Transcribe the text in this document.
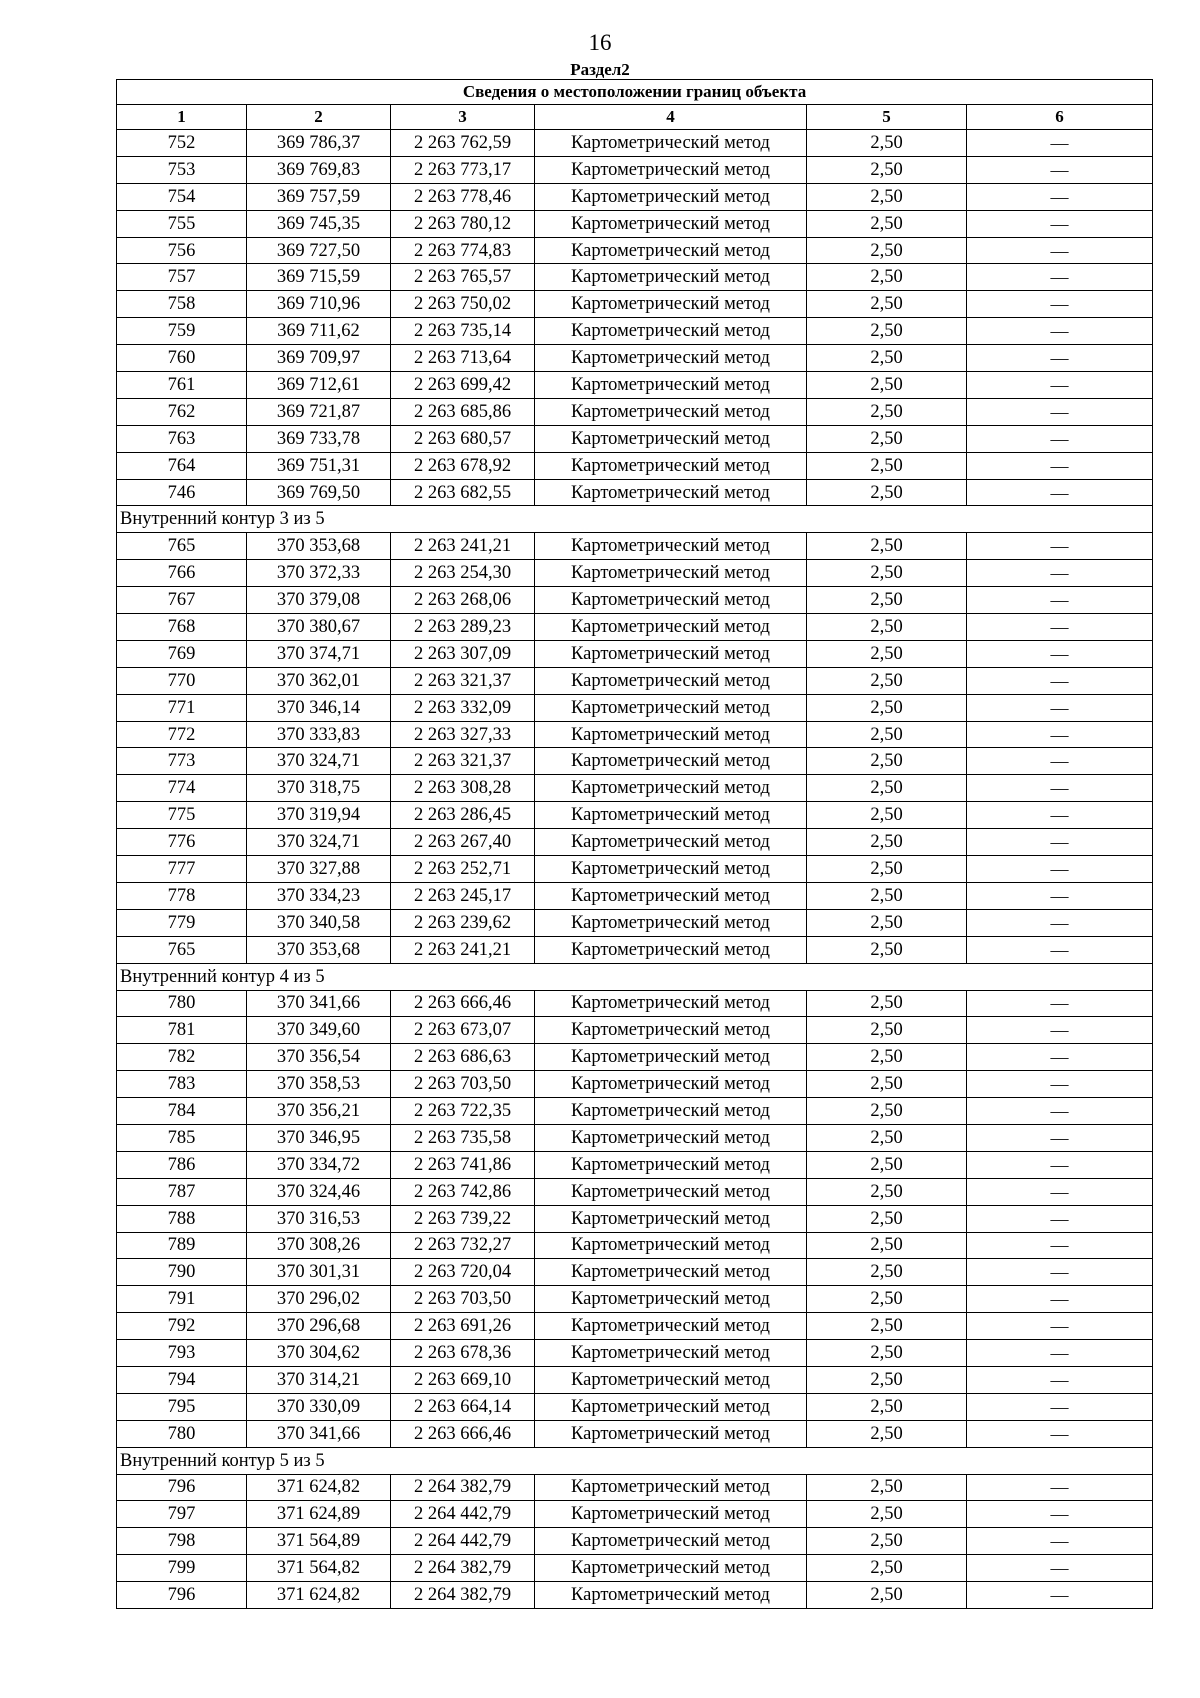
16
Раздел2
Сведения о местоположении границ объекта					
1	2	3	4	5	6
752	369 786,37	2 263 762,59	Картометрический метод	2,50	—
753	369 769,83	2 263 773,17	Картометрический метод	2,50	—
754	369 757,59	2 263 778,46	Картометрический метод	2,50	—
755	369 745,35	2 263 780,12	Картометрический метод	2,50	—
756	369 727,50	2 263 774,83	Картометрический метод	2,50	—
757	369 715,59	2 263 765,57	Картометрический метод	2,50	—
758	369 710,96	2 263 750,02	Картометрический метод	2,50	—
759	369 711,62	2 263 735,14	Картометрический метод	2,50	—
760	369 709,97	2 263 713,64	Картометрический метод	2,50	—
761	369 712,61	2 263 699,42	Картометрический метод	2,50	—
762	369 721,87	2 263 685,86	Картометрический метод	2,50	—
763	369 733,78	2 263 680,57	Картометрический метод	2,50	—
764	369 751,31	2 263 678,92	Картометрический метод	2,50	—
746	369 769,50	2 263 682,55	Картометрический метод	2,50	—
Внутренний контур 3 из 5					
765	370 353,68	2 263 241,21	Картометрический метод	2,50	—
766	370 372,33	2 263 254,30	Картометрический метод	2,50	—
767	370 379,08	2 263 268,06	Картометрический метод	2,50	—
768	370 380,67	2 263 289,23	Картометрический метод	2,50	—
769	370 374,71	2 263 307,09	Картометрический метод	2,50	—
770	370 362,01	2 263 321,37	Картометрический метод	2,50	—
771	370 346,14	2 263 332,09	Картометрический метод	2,50	—
772	370 333,83	2 263 327,33	Картометрический метод	2,50	—
773	370 324,71	2 263 321,37	Картометрический метод	2,50	—
774	370 318,75	2 263 308,28	Картометрический метод	2,50	—
775	370 319,94	2 263 286,45	Картометрический метод	2,50	—
776	370 324,71	2 263 267,40	Картометрический метод	2,50	—
777	370 327,88	2 263 252,71	Картометрический метод	2,50	—
778	370 334,23	2 263 245,17	Картометрический метод	2,50	—
779	370 340,58	2 263 239,62	Картометрический метод	2,50	—
765	370 353,68	2 263 241,21	Картометрический метод	2,50	—
Внутренний контур 4 из 5					
780	370 341,66	2 263 666,46	Картометрический метод	2,50	—
781	370 349,60	2 263 673,07	Картометрический метод	2,50	—
782	370 356,54	2 263 686,63	Картометрический метод	2,50	—
783	370 358,53	2 263 703,50	Картометрический метод	2,50	—
784	370 356,21	2 263 722,35	Картометрический метод	2,50	—
785	370 346,95	2 263 735,58	Картометрический метод	2,50	—
786	370 334,72	2 263 741,86	Картометрический метод	2,50	—
787	370 324,46	2 263 742,86	Картометрический метод	2,50	—
788	370 316,53	2 263 739,22	Картометрический метод	2,50	—
789	370 308,26	2 263 732,27	Картометрический метод	2,50	—
790	370 301,31	2 263 720,04	Картометрический метод	2,50	—
791	370 296,02	2 263 703,50	Картометрический метод	2,50	—
792	370 296,68	2 263 691,26	Картометрический метод	2,50	—
793	370 304,62	2 263 678,36	Картометрический метод	2,50	—
794	370 314,21	2 263 669,10	Картометрический метод	2,50	—
795	370 330,09	2 263 664,14	Картометрический метод	2,50	—
780	370 341,66	2 263 666,46	Картометрический метод	2,50	—
Внутренний контур 5 из 5					
796	371 624,82	2 264 382,79	Картометрический метод	2,50	—
797	371 624,89	2 264 442,79	Картометрический метод	2,50	—
798	371 564,89	2 264 442,79	Картометрический метод	2,50	—
799	371 564,82	2 264 382,79	Картометрический метод	2,50	—
796	371 624,82	2 264 382,79	Картометрический метод	2,50	—
